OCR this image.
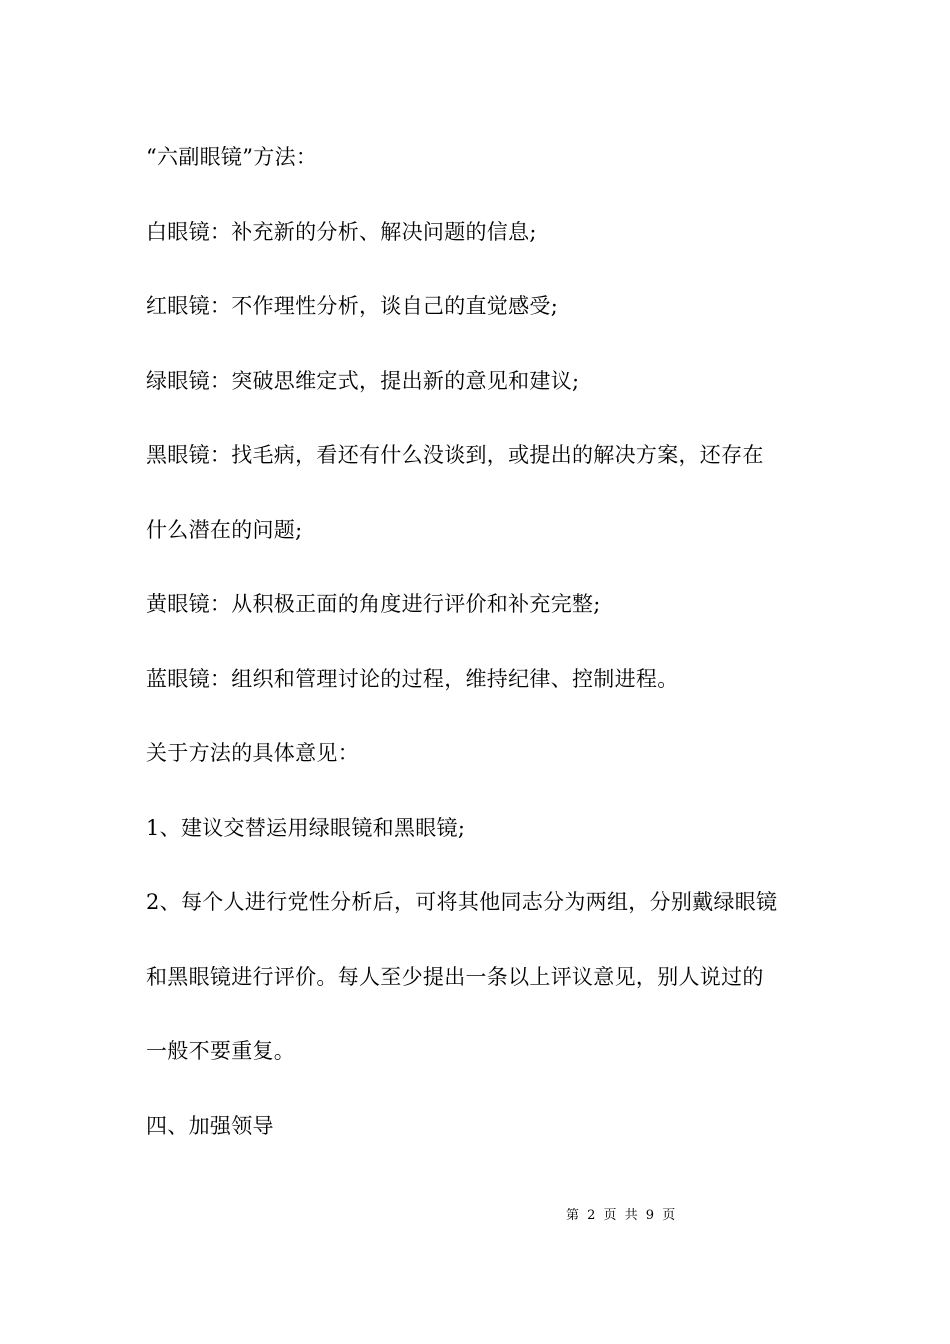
“六副眼镜”方法：

白眼镜：补充新的分析、解决问题的信息;

红眼镜：不作理性分析，谈自己的直觉感受;

绿眼镜：突破思维定式，提出新的意见和建议;

黑眼镜：找毛病，看还有什么没谈到，或提出的解决方案，还存在

什么潜在的问题;

黄眼镜：从积极正面的角度进行评价和补充完整;

蓝眼镜：组织和管理讨论的过程，维持纪律、控制进程。

关于方法的具体意见：

1、建议交替运用绿眼镜和黑眼镜;

2、每个人进行党性分析后，可将其他同志分为两组，分别戴绿眼镜

和黑眼镜进行评价。每人至少提出一条以上评议意见，别人说过的

一般不要重复。

四、加强领导

第 2 页 共 9 页
